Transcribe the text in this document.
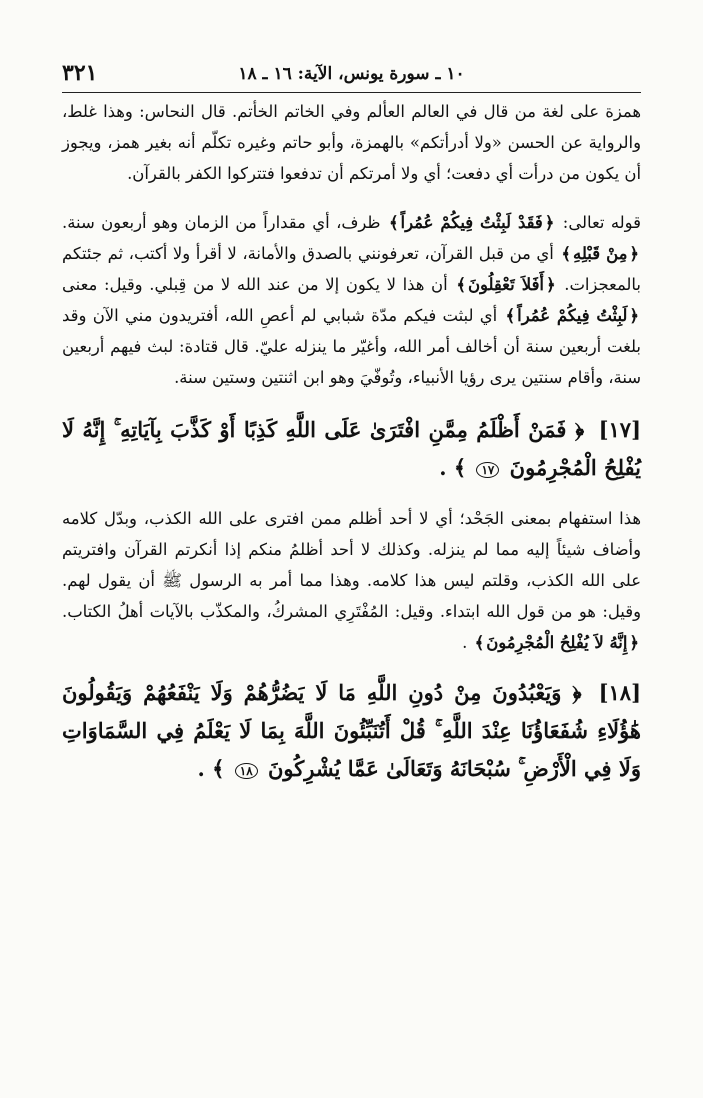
٣٢١	١٠ ـ سورة يونس، الآية: ١٦ ـ ١٨

همزة على لغة من قال في العالم العألم وفي الخاتم الخأتم. قال النحاس: وهذا غلط، والرواية عن الحسن «ولا أدرأتكم» بالهمزة، وأبو حاتم وغيره تكلّم أنه بغير همز، ويجوز أن يكون من درأت أي دفعت؛ أي ولا أمرتكم أن تدفعوا فتتركوا الكفر بالقرآن.

قوله تعالى: ﴿ فَقَدْ لَبِثْتُ فِيكُمْ عُمُراً ﴾ ظرف، أي مقداراً من الزمان وهو أربعون سنة. ﴿ مِنْ قَبْلِهِ ﴾ أي من قبل القرآن، تعرفونني بالصدق والأمانة، لا أقرأ ولا أكتب، ثم جئتكم بالمعجزات. ﴿ أَفَلاَ تَعْقِلُونَ ﴾ أن هذا لا يكون إلا من عند الله لا من قِبلي. وقيل: معنى ﴿ لَبِثْتُ فِيكُمْ عُمُراً ﴾ أي لبثت فيكم مدّة شبابي لم أعصِ الله، أفتريدون مني الآن وقد بلغت أربعين سنة أن أخالف أمر الله، وأغيّر ما ينزله عليّ. قال قتادة: لبث فيهم أربعين سنة، وأقام سنتين يرى رؤيا الأنبياء، وتُوفّيَ وهو ابن اثنتين وستين سنة.

[١٧] ﴿ فَمَنْ أَظْلَمُ مِمَّنِ افْتَرَىٰ عَلَى اللَّهِ كَذِبًا أَوْ كَذَّبَ بِآيَاتِهِ ۚ إِنَّهُ لَا يُفْلِحُ الْمُجْرِمُونَ ١٧ ﴾ .

هذا استفهام بمعنى الجَحْد؛ أي لا أحد أظلم ممن افترى على الله الكذب، وبدّل كلامه وأضاف شيئاً إليه مما لم ينزله. وكذلك لا أحد أظلمُ منكم إذا أنكرتم القرآن وافتريتم على الله الكذب، وقلتم ليس هذا كلامه. وهذا مما أمر به الرسول ﷺ أن يقول لهم. وقيل: هو من قول الله ابتداء. وقيل: المُفْتَرِي المشركُ، والمكذّب بالآيات أهلُ الكتاب. ﴿ إِنَّهُ لاَ يُفْلِحُ الْمُجْرِمُونَ ﴾ .

[١٨] ﴿ وَيَعْبُدُونَ مِنْ دُونِ اللَّهِ مَا لَا يَضُرُّهُمْ وَلَا يَنْفَعُهُمْ وَيَقُولُونَ هَٰؤُلَاءِ شُفَعَاؤُنَا عِنْدَ اللَّهِ ۚ قُلْ أَتُنَبِّئُونَ اللَّهَ بِمَا لَا يَعْلَمُ فِي السَّمَاوَاتِ وَلَا فِي الْأَرْضِ ۚ سُبْحَانَهُ وَتَعَالَىٰ عَمَّا يُشْرِكُونَ ١٨ ﴾ .
